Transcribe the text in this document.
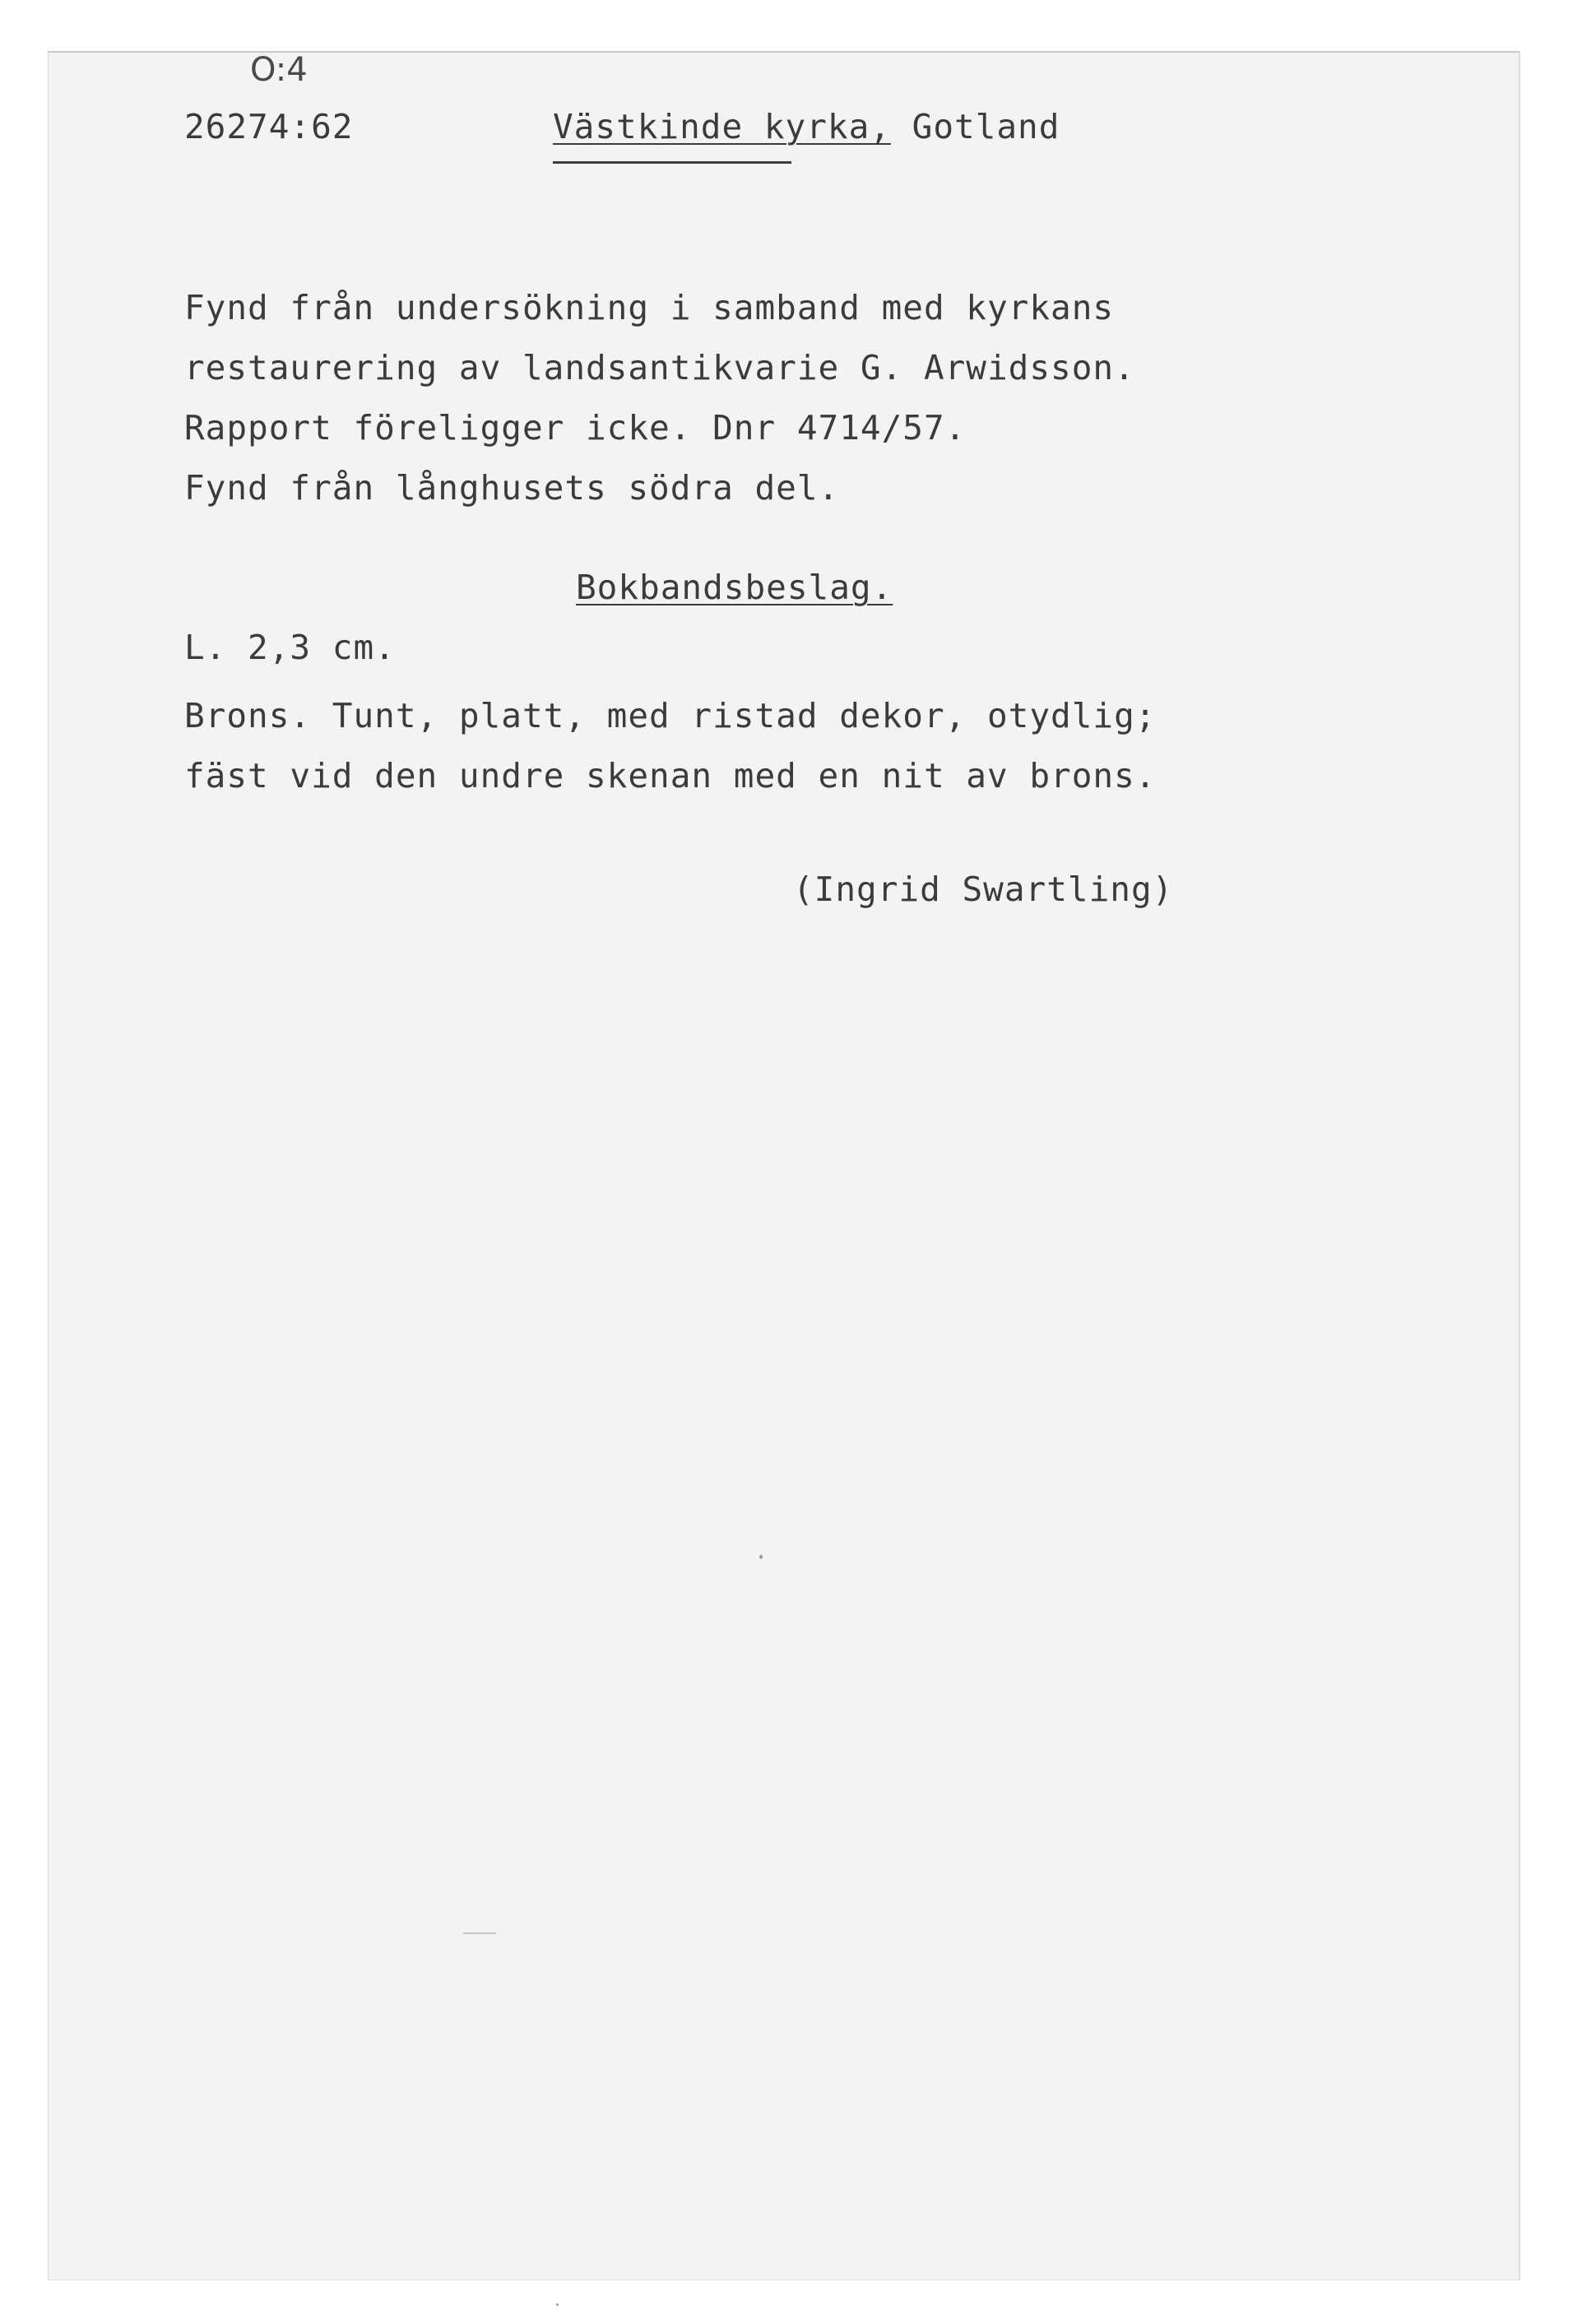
O:4
26274:62	Västkinde kyrka, Gotland
Fynd från undersökning i samband med kyrkans
restaurering av landsantikvarie G. Arwidsson.
Rapport föreligger icke. Dnr 4714/57.
Fynd från långhusets södra del.
Bokbandsbeslag.
L. 2,3 cm.
Brons. Tunt, platt, med ristad dekor, otydlig;
fäst vid den undre skenan med en nit av brons.
(Ingrid Swartling)
